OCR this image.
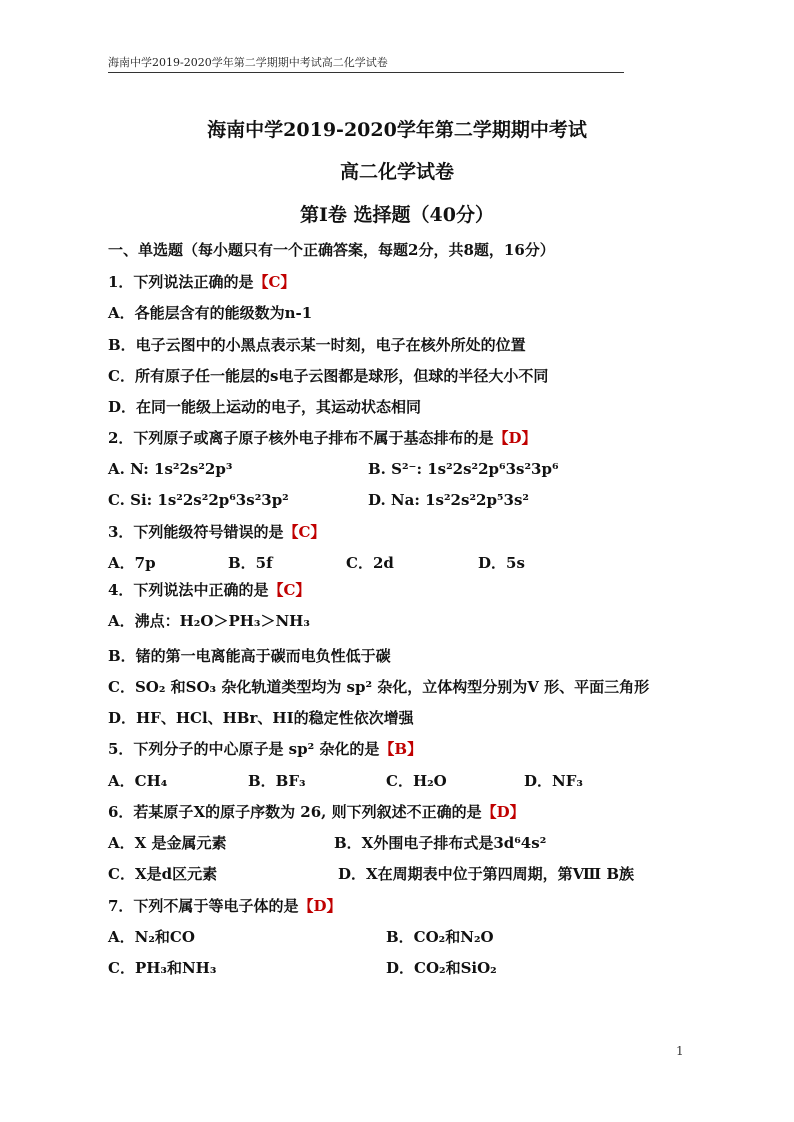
海南中学2019-2020学年第二学期期中考试高二化学试卷
海南中学2019-2020学年第二学期期中考试
高二化学试卷
第Ⅰ卷 选择题（40分）
一、单选题（每小题只有一个正确答案，每题2分，共8题，16分）
1．下列说法正确的是【C】
A．各能层含有的能级数为n-1
B．电子云图中的小黑点表示某一时刻，电子在核外所处的位置
C．所有原子任一能层的s电子云图都是球形，但球的半径大小不同
D．在同一能级上运动的电子，其运动状态相同
2．下列原子或离子原子核外电子排布不属于基态排布的是【D】
A. N: 1s²2s²2p³	B. S²⁻: 1s²2s²2p⁶3s²3p⁶
C. Si: 1s²2s²2p⁶3s²3p²	D. Na: 1s²2s²2p⁵3s²
3．下列能级符号错误的是【C】
A．7p	B．5f	C．2d	D．5s
4．下列说法中正确的是【C】
A．沸点：H₂O＞PH₃＞NH₃
B．锗的第一电离能高于碳而电负性低于碳
C．SO₂ 和SO₃ 杂化轨道类型均为 sp² 杂化，立体构型分别为V 形、平面三角形
D．HF、HCl、HBr、HI的稳定性依次增强
5．下列分子的中心原子是 sp² 杂化的是【B】
A．CH₄	B．BF₃	C．H₂O	D．NF₃
6．若某原子X的原子序数为 26, 则下列叙述不正确的是【D】
A．X 是金属元素	B．X外围电子排布式是3d⁶4s²
C．X是d区元素	D．X在周期表中位于第四周期，第Ⅷ B族
7．下列不属于等电子体的是【D】
A．N₂和CO	B．CO₂和N₂O
C．PH₃和NH₃	D．CO₂和SiO₂
1
